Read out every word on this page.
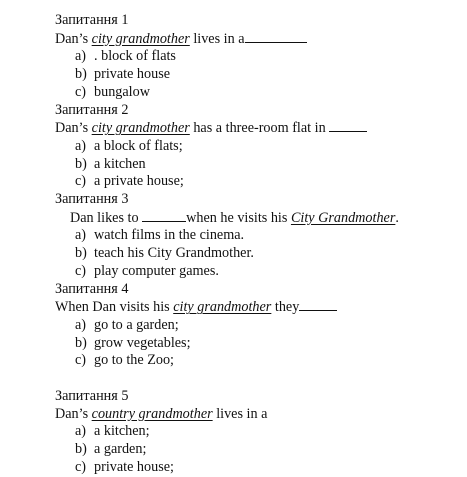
Запитання 1
Dan’s city grandmother lives in a
a) . block of flats
b) private house
c) bungalow
Запитання 2
Dan’s city grandmother has a three-room flat in
a) a block of flats;
b) a kitchen
c) a private house;
Запитання 3
Dan likes to	when he visits his City Grandmother.
a) watch films in the cinema.
b) teach his City Grandmother.
c) play computer games.
Запитання 4
When Dan visits his city grandmother they
a) go to a garden;
b) grow vegetables;
c) go to the Zoo;
Запитання 5
Dan’s country grandmother lives in a
a) a kitchen;
b) a garden;
c) private house;
